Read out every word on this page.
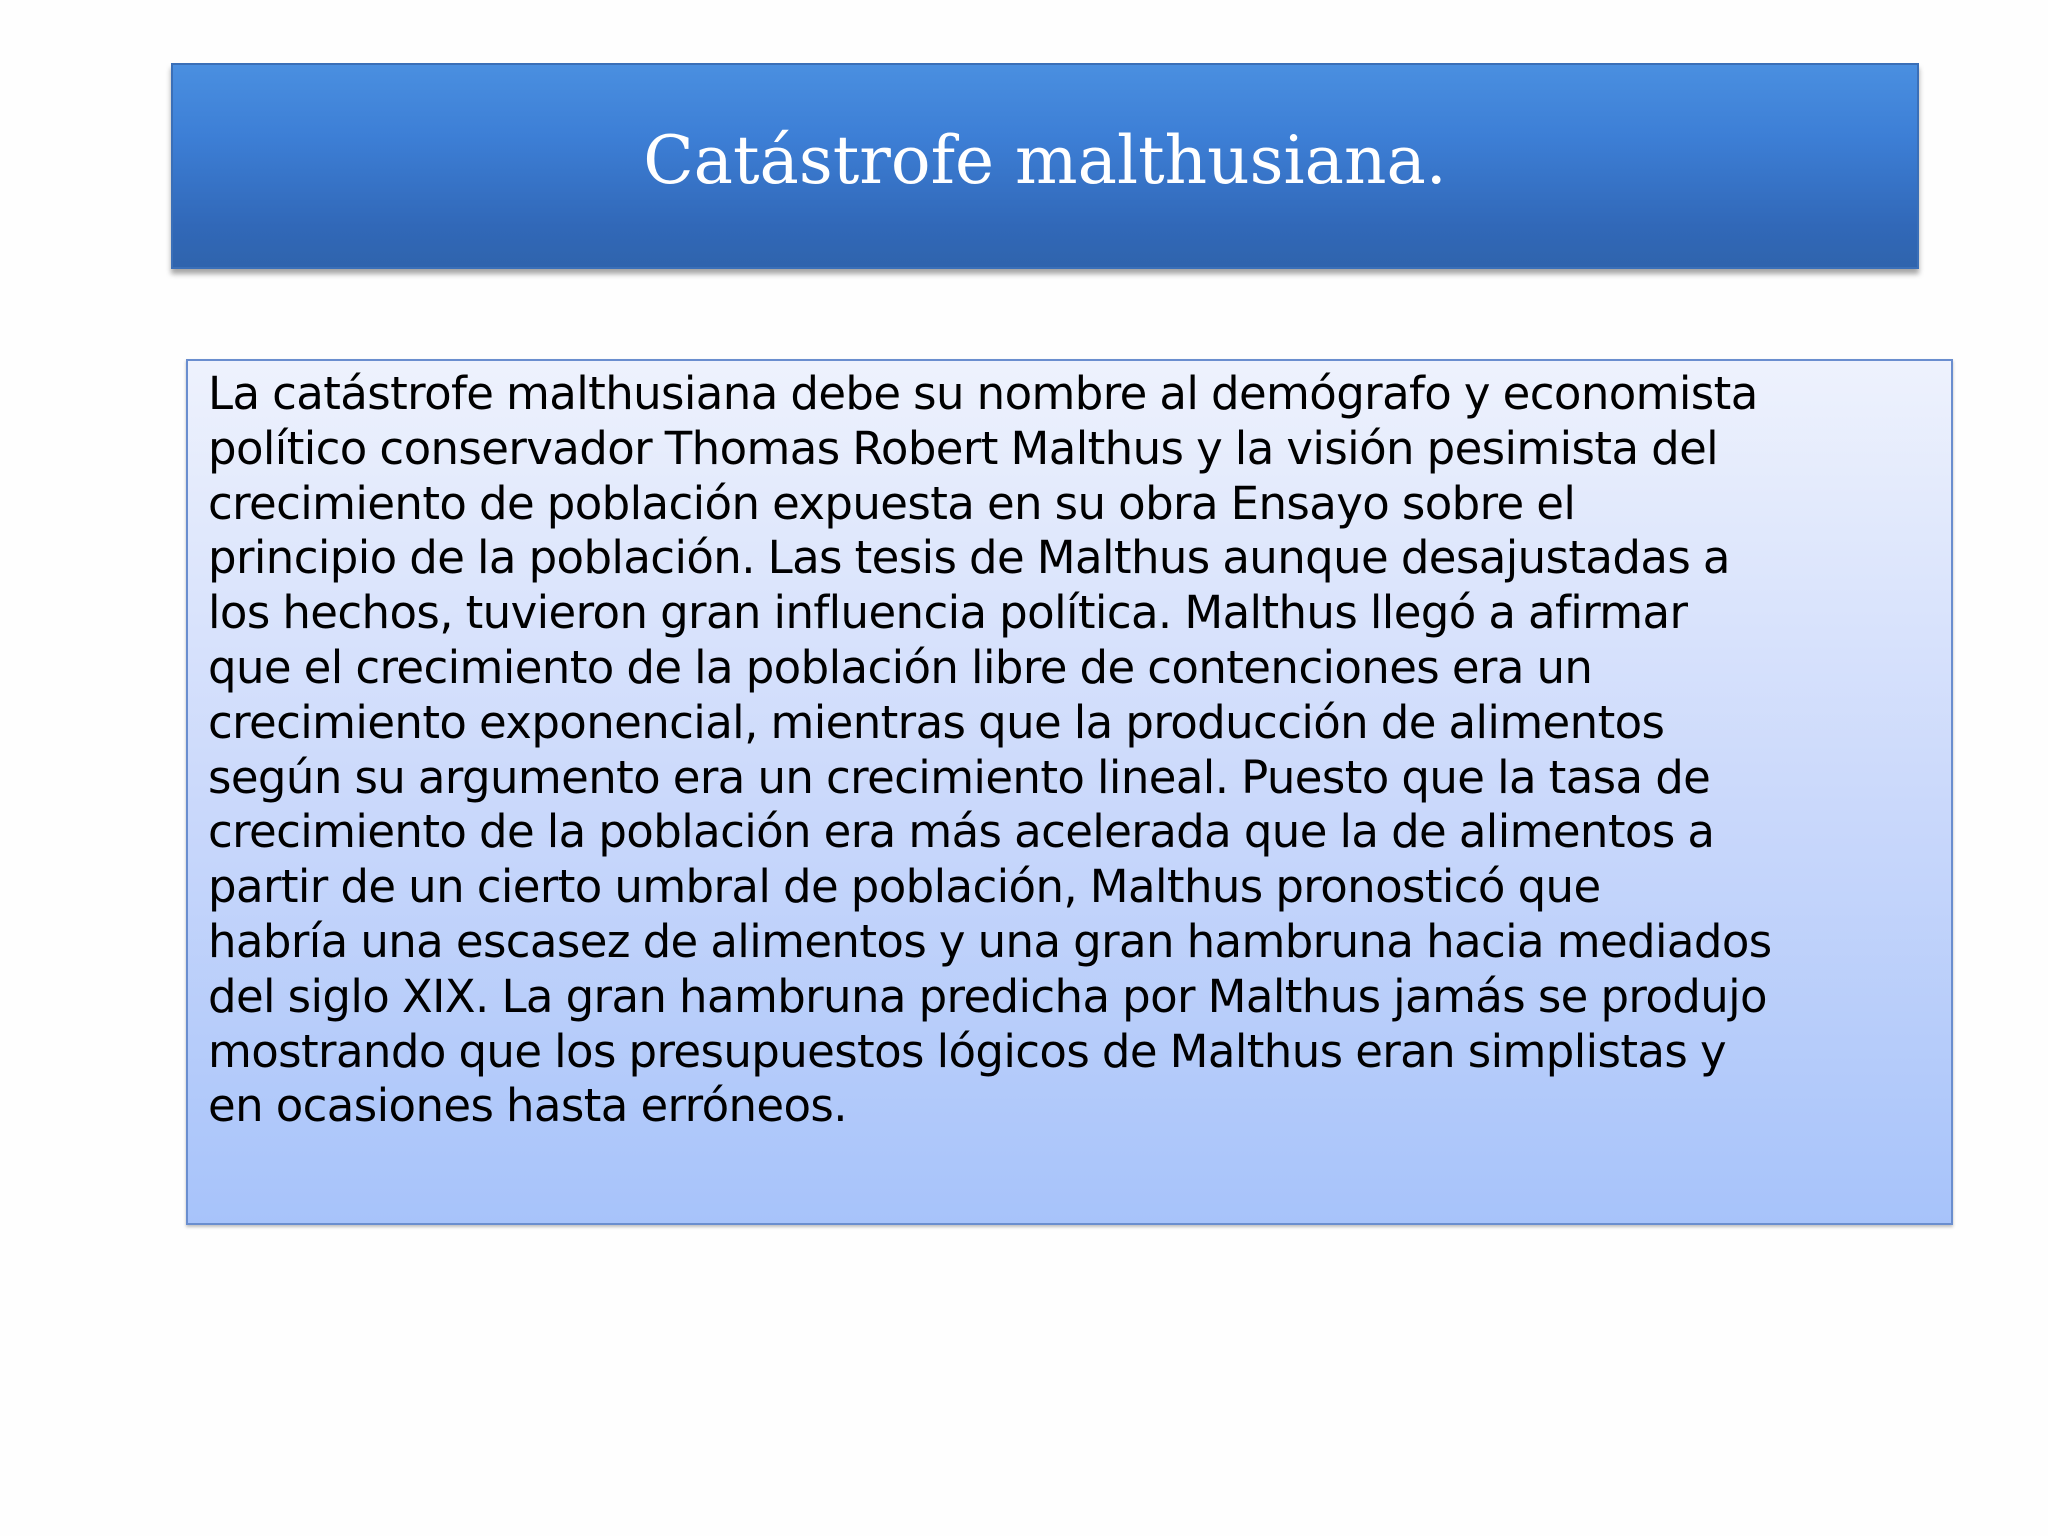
Catástrofe malthusiana.

La catástrofe malthusiana debe su nombre al demógrafo y economista
político conservador Thomas Robert Malthus y la visión pesimista del
crecimiento de población expuesta en su obra Ensayo sobre el
principio de la población. Las tesis de Malthus aunque desajustadas a
los hechos, tuvieron gran influencia política. Malthus llegó a afirmar
que el crecimiento de la población libre de contenciones era un
crecimiento exponencial, mientras que la producción de alimentos
según su argumento era un crecimiento lineal. Puesto que la tasa de
crecimiento de la población era más acelerada que la de alimentos a
partir de un cierto umbral de población, Malthus pronosticó que
habría una escasez de alimentos y una gran hambruna hacia mediados
del siglo XIX. La gran hambruna predicha por Malthus jamás se produjo
mostrando que los presupuestos lógicos de Malthus eran simplistas y
en ocasiones hasta erróneos.
